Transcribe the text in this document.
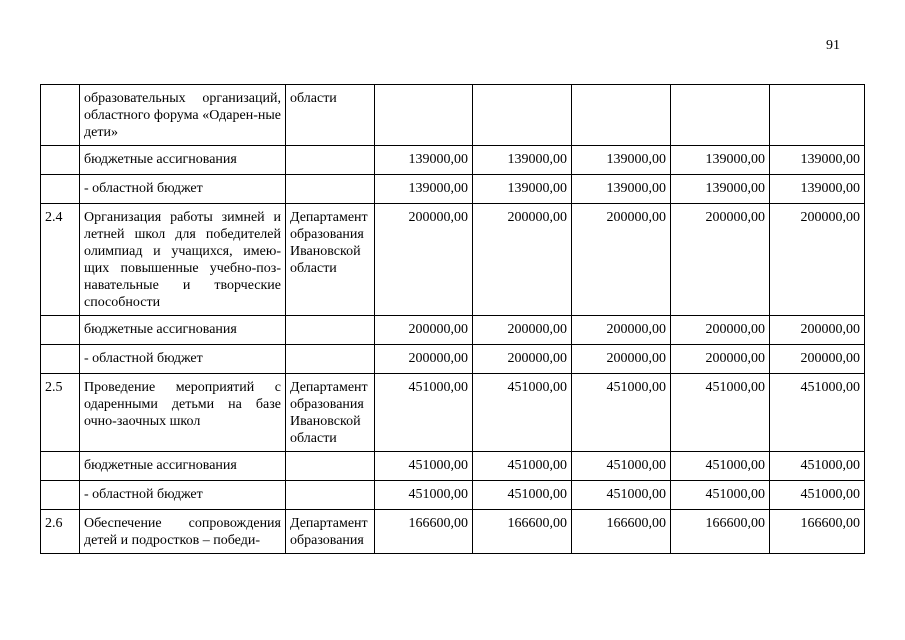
91
	образовательных организаций, областного форума «Одарен-ные дети»	области					
	бюджетные ассигнования		139000,00	139000,00	139000,00	139000,00	139000,00
	- областной бюджет		139000,00	139000,00	139000,00	139000,00	139000,00
2.4	Организация работы зимней и летней школ для победителей олимпиад и учащихся, имею-щих повышенные учебно-поз-навательные и творческие способности	Департамент образования Ивановской области	200000,00	200000,00	200000,00	200000,00	200000,00
	бюджетные ассигнования		200000,00	200000,00	200000,00	200000,00	200000,00
	- областной бюджет		200000,00	200000,00	200000,00	200000,00	200000,00
2.5	Проведение мероприятий с одаренными детьми на базе очно-заочных школ	Департамент образования Ивановской области	451000,00	451000,00	451000,00	451000,00	451000,00
	бюджетные ассигнования		451000,00	451000,00	451000,00	451000,00	451000,00
	- областной бюджет		451000,00	451000,00	451000,00	451000,00	451000,00
2.6	Обеспечение сопровождения детей и подростков – победи-	Департамент образования	166600,00	166600,00	166600,00	166600,00	166600,00
